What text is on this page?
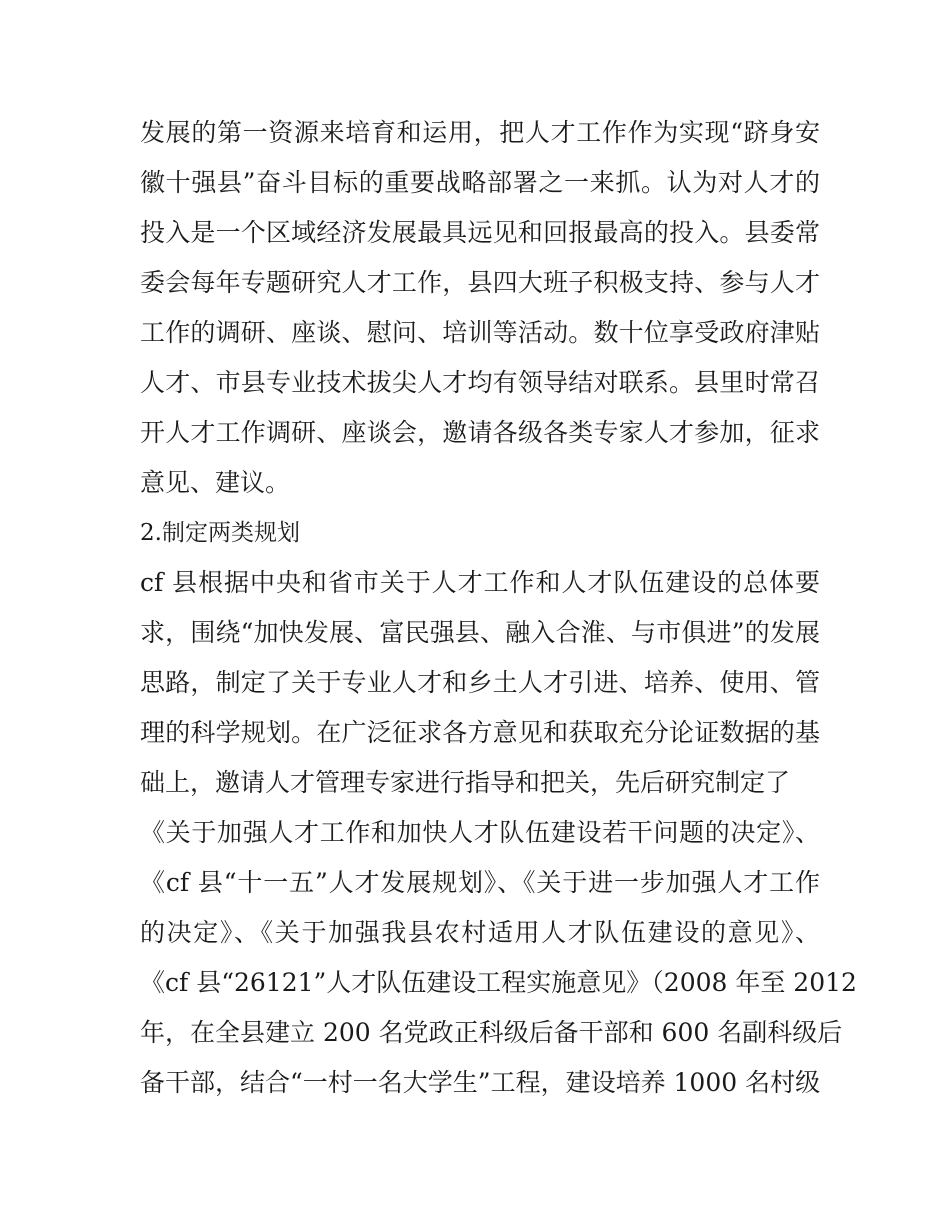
发展的第一资源来培育和运用，把人才工作作为实现“跻身安
徽十强县”奋斗目标的重要战略部署之一来抓。认为对人才的
投入是一个区域经济发展最具远见和回报最高的投入。县委常
委会每年专题研究人才工作，县四大班子积极支持、参与人才
工作的调研、座谈、慰问、培训等活动。数十位享受政府津贴
人才、市县专业技术拔尖人才均有领导结对联系。县里时常召
开人才工作调研、座谈会，邀请各级各类专家人才参加，征求
意见、建议。
2.制定两类规划
cf 县根据中央和省市关于人才工作和人才队伍建设的总体要
求，围绕“加快发展、富民强县、融入合淮、与市俱进”的发展
思路，制定了关于专业人才和乡土人才引进、培养、使用、管
理的科学规划。在广泛征求各方意见和获取充分论证数据的基
础上，邀请人才管理专家进行指导和把关，先后研究制定了
《关于加强人才工作和加快人才队伍建设若干问题的决定》、
《cf 县“十一五”人才发展规划》、《关于进一步加强人才工作
的决定》、《关于加强我县农村适用人才队伍建设的意见》、
《cf 县“26121”人才队伍建设工程实施意见》（2008 年至 2012
年，在全县建立 200 名党政正科级后备干部和 600 名副科级后
备干部，结合“一村一名大学生”工程，建设培养 1000 名村级
